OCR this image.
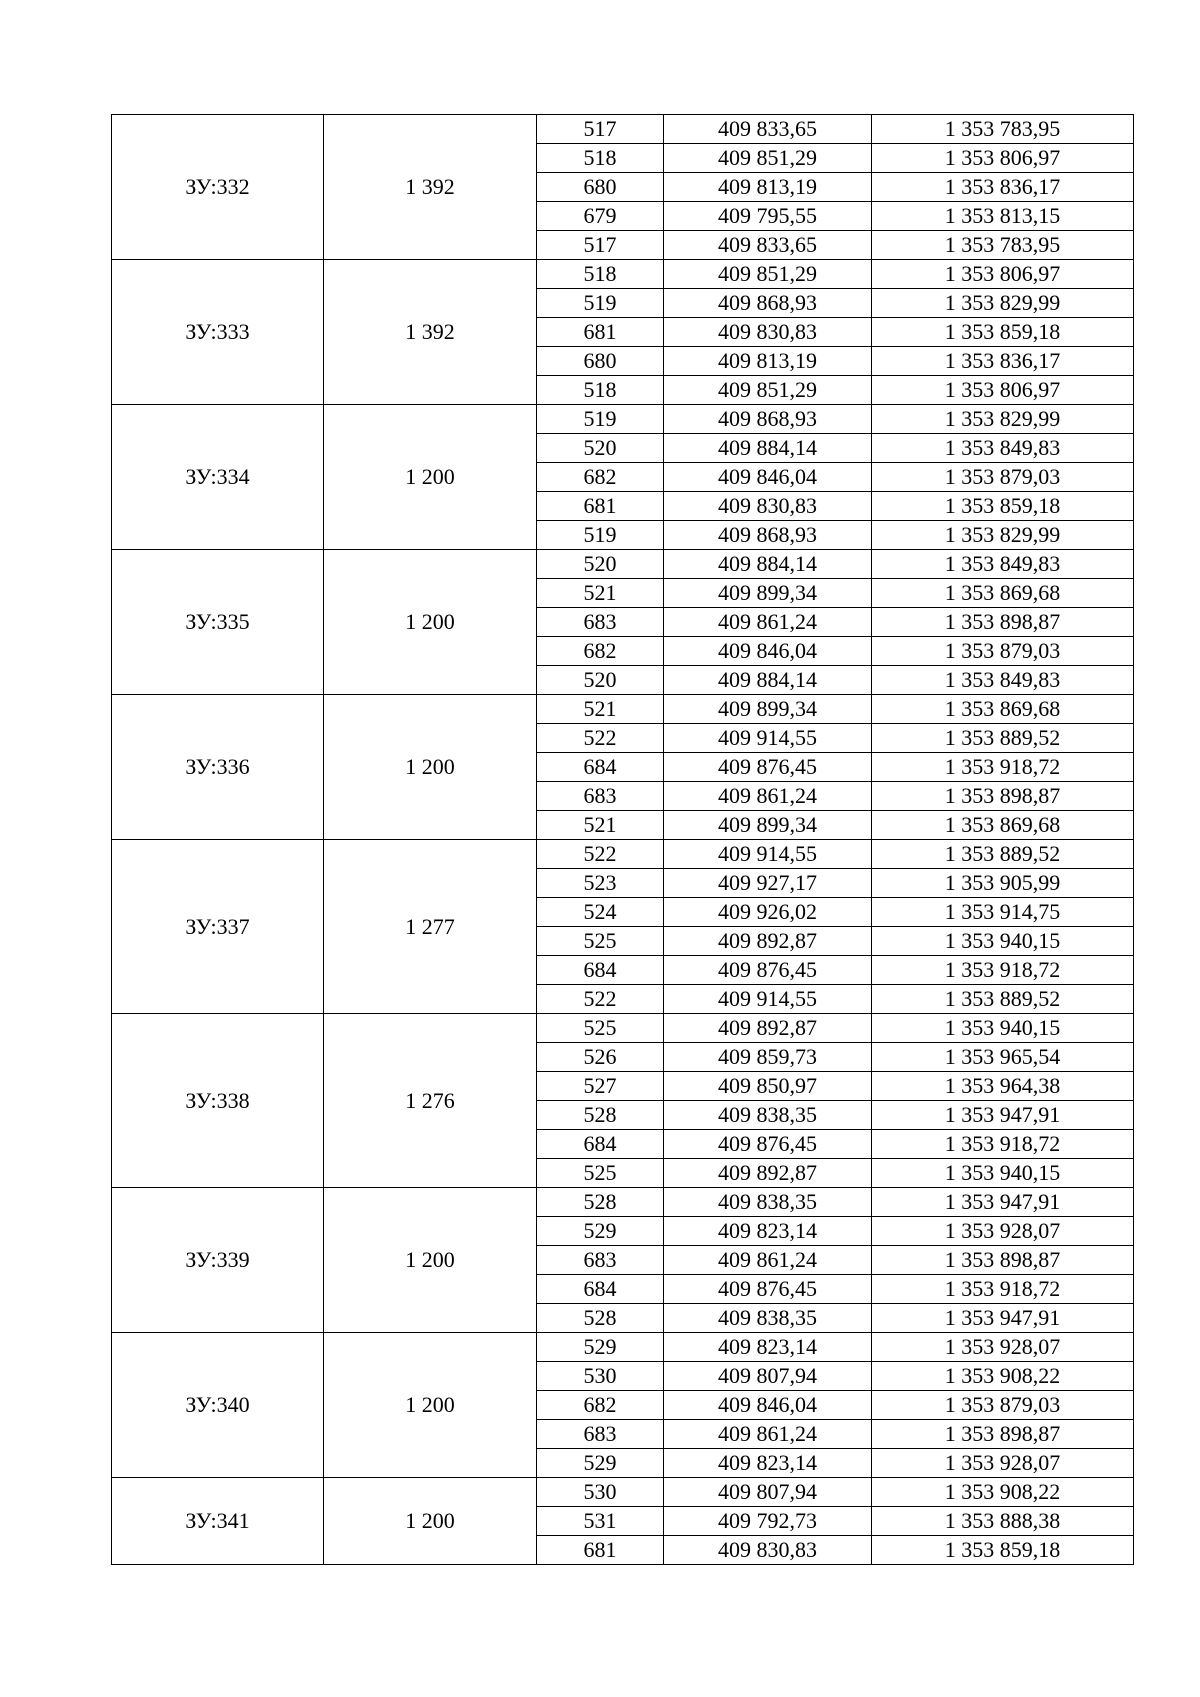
ЗУ:332	1 392	517	409 833,65	1 353 783,95
		518	409 851,29	1 353 806,97
		680	409 813,19	1 353 836,17
		679	409 795,55	1 353 813,15
		517	409 833,65	1 353 783,95
ЗУ:333	1 392	518	409 851,29	1 353 806,97
		519	409 868,93	1 353 829,99
		681	409 830,83	1 353 859,18
		680	409 813,19	1 353 836,17
		518	409 851,29	1 353 806,97
ЗУ:334	1 200	519	409 868,93	1 353 829,99
		520	409 884,14	1 353 849,83
		682	409 846,04	1 353 879,03
		681	409 830,83	1 353 859,18
		519	409 868,93	1 353 829,99
ЗУ:335	1 200	520	409 884,14	1 353 849,83
		521	409 899,34	1 353 869,68
		683	409 861,24	1 353 898,87
		682	409 846,04	1 353 879,03
		520	409 884,14	1 353 849,83
ЗУ:336	1 200	521	409 899,34	1 353 869,68
		522	409 914,55	1 353 889,52
		684	409 876,45	1 353 918,72
		683	409 861,24	1 353 898,87
		521	409 899,34	1 353 869,68
ЗУ:337	1 277	522	409 914,55	1 353 889,52
		523	409 927,17	1 353 905,99
		524	409 926,02	1 353 914,75
		525	409 892,87	1 353 940,15
		684	409 876,45	1 353 918,72
		522	409 914,55	1 353 889,52
ЗУ:338	1 276	525	409 892,87	1 353 940,15
		526	409 859,73	1 353 965,54
		527	409 850,97	1 353 964,38
		528	409 838,35	1 353 947,91
		684	409 876,45	1 353 918,72
		525	409 892,87	1 353 940,15
ЗУ:339	1 200	528	409 838,35	1 353 947,91
		529	409 823,14	1 353 928,07
		683	409 861,24	1 353 898,87
		684	409 876,45	1 353 918,72
		528	409 838,35	1 353 947,91
ЗУ:340	1 200	529	409 823,14	1 353 928,07
		530	409 807,94	1 353 908,22
		682	409 846,04	1 353 879,03
		683	409 861,24	1 353 898,87
		529	409 823,14	1 353 928,07
ЗУ:341	1 200	530	409 807,94	1 353 908,22
		531	409 792,73	1 353 888,38
		681	409 830,83	1 353 859,18
